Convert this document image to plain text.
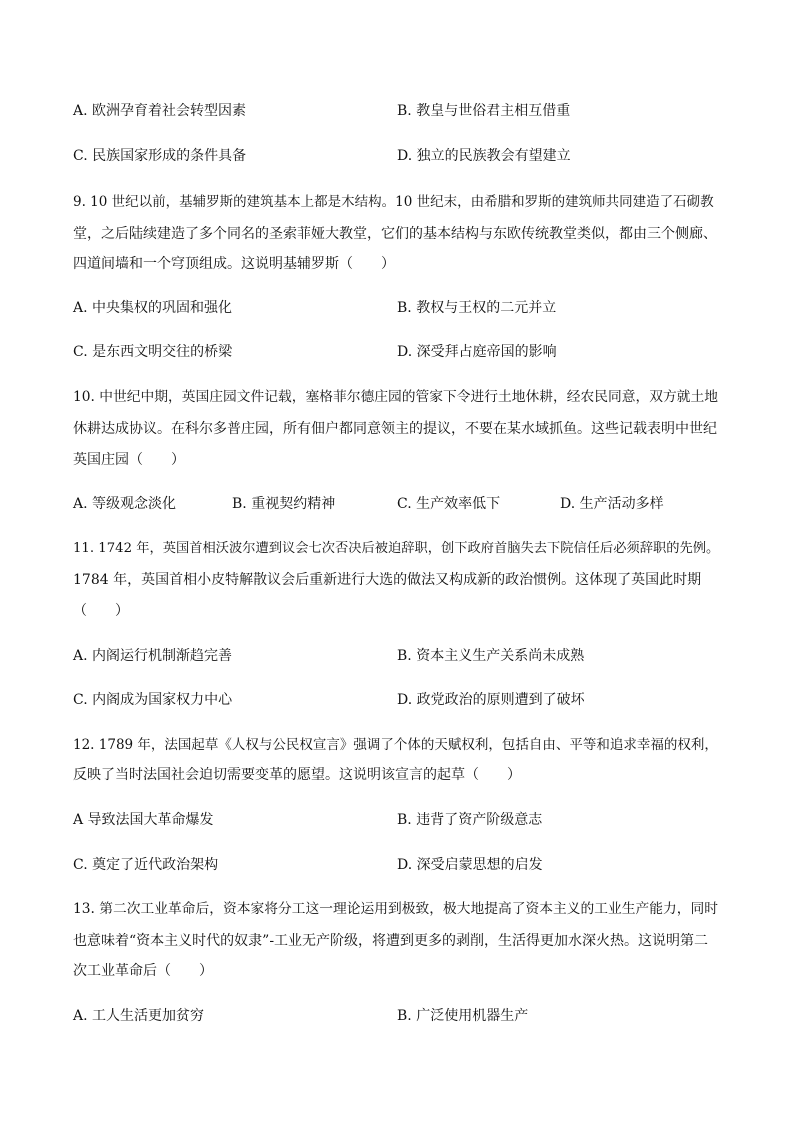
A. 欧洲孕育着社会转型因素	B. 教皇与世俗君主相互借重
C. 民族国家形成的条件具备	D. 独立的民族教会有望建立
9. 10 世纪以前，基辅罗斯的建筑基本上都是木结构。10 世纪末，由希腊和罗斯的建筑师共同建造了石砌教
堂，之后陆续建造了多个同名的圣索菲娅大教堂，它们的基本结构与东欧传统教堂类似，都由三个侧廊、
四道间墙和一个穹顶组成。这说明基辅罗斯（　　）
A. 中央集权的巩固和强化	B. 教权与王权的二元并立
C. 是东西文明交往的桥梁	D. 深受拜占庭帝国的影响
10. 中世纪中期，英国庄园文件记载，塞格菲尔德庄园的管家下令进行土地休耕，经农民同意，双方就土地
休耕达成协议。在科尔多普庄园，所有佃户都同意领主的提议，不要在某水域抓鱼。这些记载表明中世纪
英国庄园（　　）
A. 等级观念淡化	B. 重视契约精神	C. 生产效率低下	D. 生产活动多样
11. 1742 年，英国首相沃波尔遭到议会七次否决后被迫辞职，创下政府首脑失去下院信任后必须辞职的先例。
1784 年，英国首相小皮特解散议会后重新进行大选的做法又构成新的政治惯例。这体现了英国此时期
（　　）
A. 内阁运行机制渐趋完善	B. 资本主义生产关系尚未成熟
C. 内阁成为国家权力中心	D. 政党政治的原则遭到了破坏
12. 1789 年，法国起草《人权与公民权宣言》强调了个体的天赋权利，包括自由、平等和追求幸福的权利，
反映了当时法国社会迫切需要变革的愿望。这说明该宣言的起草（　　）
A 导致法国大革命爆发	B. 违背了资产阶级意志
C. 奠定了近代政治架构	D. 深受启蒙思想的启发
13. 第二次工业革命后，资本家将分工这一理论运用到极致，极大地提高了资本主义的工业生产能力，同时
也意味着“资本主义时代的奴隶”-工业无产阶级，将遭到更多的剥削，生活得更加水深火热。这说明第二
次工业革命后（　　）
A. 工人生活更加贫穷	B. 广泛使用机器生产
